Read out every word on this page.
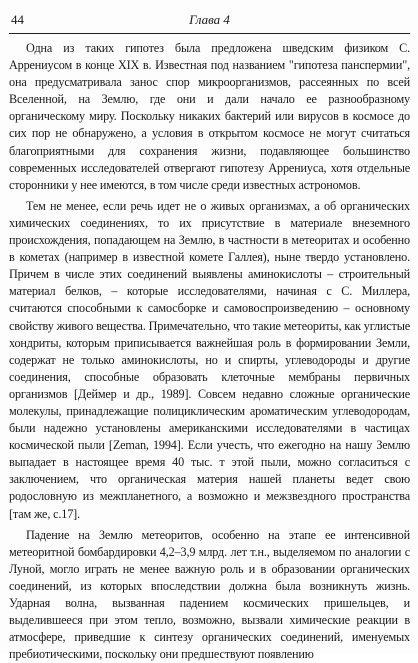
44	Глава 4

Одна из таких гипотез была предложена шведским физиком С. Аррениусом в конце XIX в. Известная под названием "гипотеза панспермии", она предусматривала занос спор микроорганизмов, рассеянных по всей Вселенной, на Землю, где они и дали начало ее разнообразному органическому миру. Поскольку никаких бактерий или вирусов в космосе до сих пор не обнаружено, а условия в открытом космосе не могут считаться благоприятными для сохранения жизни, подавляющее большинство современных исследователей отвергают гипотезу Аррениуса, хотя отдельные сторонники у нее имеются, в том числе среди известных астрономов.

Тем не менее, если речь идет не о живых организмах, а об органических химических соединениях, то их присутствие в материале внеземного происхождения, попадающем на Землю, в частности в метеоритах и особенно в кометах (например в известной комете Галлея), ныне твердо установлено. Причем в числе этих соединений выявлены аминокислоты – строительный материал белков, – которые исследователями, начиная с С. Миллера, считаются способными к самосборке и самовоспроизведению – основному свойству живого вещества. Примечательно, что такие метеориты, как углистые хондриты, которым приписывается важнейшая роль в формировании Земли, содержат не только аминокислоты, но и спирты, углеводороды и другие соединения, способные образовать клеточные мембраны первичных организмов [Деймер и др., 1989]. Совсем недавно сложные органические молекулы, принадлежащие полициклическим ароматическим углеводородам, были надежно установлены американскими исследователями в частицах космической пыли [Zeman, 1994]. Если учесть, что ежегодно на нашу Землю выпадает в настоящее время 40 тыс. т этой пыли, можно согласиться с заключением, что органическая материя нашей планеты ведет свою родословную из межпланетного, а возможно и межзвездного пространства [там же, с.17].

Падение на Землю метеоритов, особенно на этапе ее интенсивной метеоритной бомбардировки 4,2–3,9 млрд. лет т.н., выделяемом по аналогии с Луной, могло играть не менее важную роль и в образовании органических соединений, из которых впоследствии должна была возникнуть жизнь. Ударная волна, вызванная падением космических пришельцев, и выделившееся при этом тепло, возможно, вызвали химические реакции в атмосфере, приведшие к синтезу органических соединений, именуемых пребиотическими, поскольку они предшествуют появлению
